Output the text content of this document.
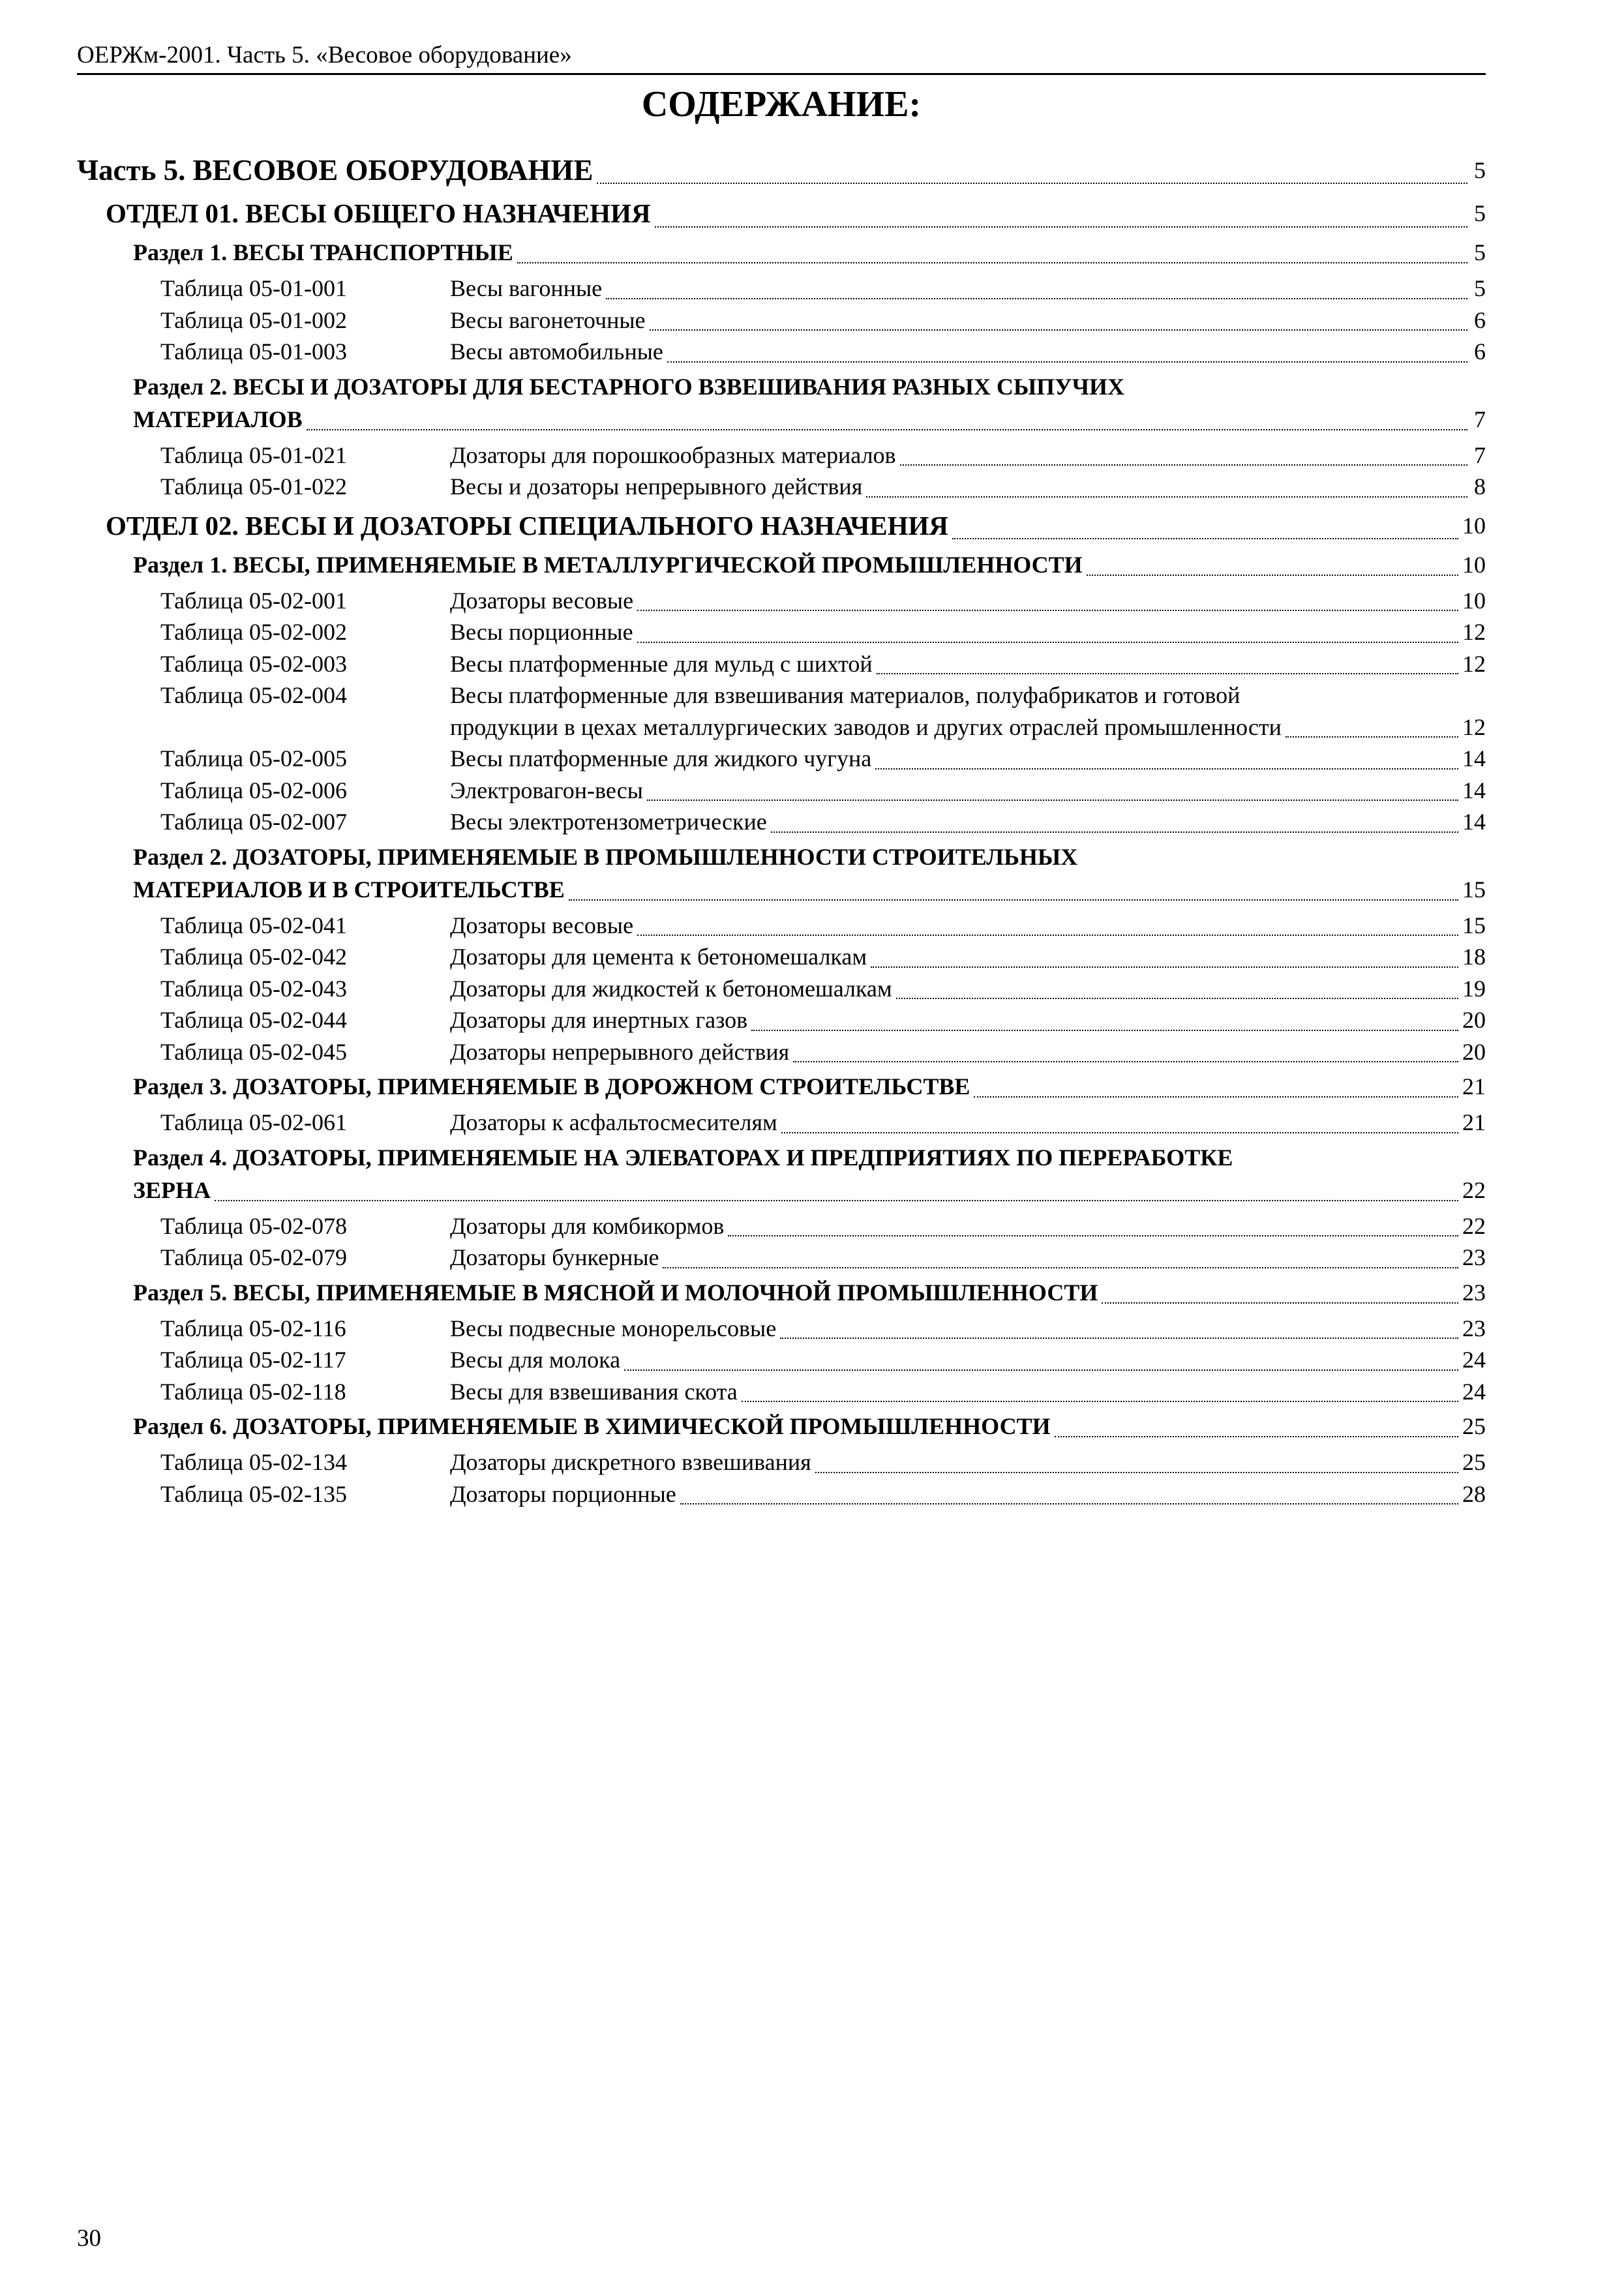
ОЕРЖм-2001. Часть 5. «Весовое оборудование»
СОДЕРЖАНИЕ:
Часть 5. ВЕСОВОЕ ОБОРУДОВАНИЕ	5
ОТДЕЛ 01. ВЕСЫ ОБЩЕГО НАЗНАЧЕНИЯ	5
Раздел 1. ВЕСЫ ТРАНСПОРТНЫЕ	5
Таблица 05-01-001	Весы вагонные	5
Таблица 05-01-002	Весы вагонеточные	6
Таблица 05-01-003	Весы автомобильные	6
Раздел 2. ВЕСЫ И ДОЗАТОРЫ ДЛЯ БЕСТАРНОГО ВЗВЕШИВАНИЯ РАЗНЫХ СЫПУЧИХ
МАТЕРИАЛОВ	7
Таблица 05-01-021	Дозаторы для порошкообразных материалов	7
Таблица 05-01-022	Весы и дозаторы непрерывного действия	8
ОТДЕЛ 02. ВЕСЫ И ДОЗАТОРЫ СПЕЦИАЛЬНОГО НАЗНАЧЕНИЯ	10
Раздел 1. ВЕСЫ, ПРИМЕНЯЕМЫЕ В МЕТАЛЛУРГИЧЕСКОЙ ПРОМЫШЛЕННОСТИ	10
Таблица 05-02-001	Дозаторы весовые	10
Таблица 05-02-002	Весы порционные	12
Таблица 05-02-003	Весы платформенные для мульд с шихтой	12
Таблица 05-02-004	Весы платформенные для взвешивания материалов, полуфабрикатов и готовой
продукции в цехах металлургических заводов и других отраслей промышленности	12
Таблица 05-02-005	Весы платформенные для жидкого чугуна	14
Таблица 05-02-006	Электровагон-весы	14
Таблица 05-02-007	Весы электротензометрические	14
Раздел 2. ДОЗАТОРЫ, ПРИМЕНЯЕМЫЕ В ПРОМЫШЛЕННОСТИ СТРОИТЕЛЬНЫХ
МАТЕРИАЛОВ И В СТРОИТЕЛЬСТВЕ	15
Таблица 05-02-041	Дозаторы весовые	15
Таблица 05-02-042	Дозаторы для цемента к бетономешалкам	18
Таблица 05-02-043	Дозаторы для жидкостей к бетономешалкам	19
Таблица 05-02-044	Дозаторы для инертных газов	20
Таблица 05-02-045	Дозаторы непрерывного действия	20
Раздел 3. ДОЗАТОРЫ, ПРИМЕНЯЕМЫЕ В ДОРОЖНОМ СТРОИТЕЛЬСТВЕ	21
Таблица 05-02-061	Дозаторы к асфальтосмесителям	21
Раздел 4. ДОЗАТОРЫ, ПРИМЕНЯЕМЫЕ НА ЭЛЕВАТОРАХ И ПРЕДПРИЯТИЯХ ПО ПЕРЕРАБОТКЕ
ЗЕРНА	22
Таблица 05-02-078	Дозаторы для комбикормов	22
Таблица 05-02-079	Дозаторы бункерные	23
Раздел 5. ВЕСЫ, ПРИМЕНЯЕМЫЕ В МЯСНОЙ И МОЛОЧНОЙ ПРОМЫШЛЕННОСТИ	23
Таблица 05-02-116	Весы подвесные монорельсовые	23
Таблица 05-02-117	Весы для молока	24
Таблица 05-02-118	Весы для взвешивания скота	24
Раздел 6. ДОЗАТОРЫ, ПРИМЕНЯЕМЫЕ В ХИМИЧЕСКОЙ ПРОМЫШЛЕННОСТИ	25
Таблица 05-02-134	Дозаторы дискретного взвешивания	25
Таблица 05-02-135	Дозаторы порционные	28
30
